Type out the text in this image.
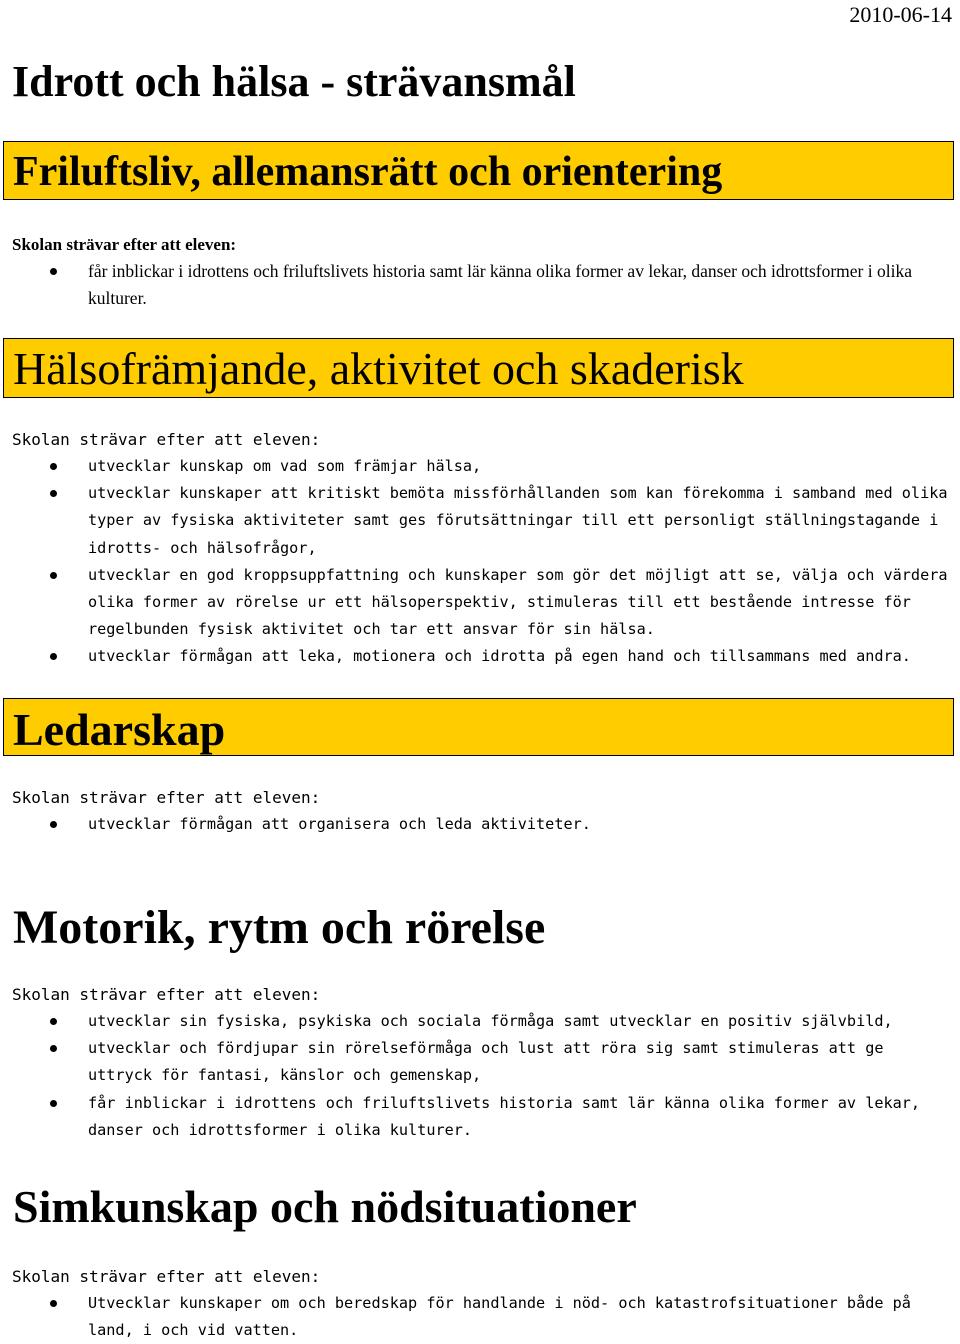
2010-06-14
Idrott och hälsa - strävansmål
Friluftsliv, allemansrätt och orientering

Skolan strävar efter att eleven:

får inblickar i idrottens och friluftslivets historia samt lär känna olika former av lekar, danser och idrottsformer i olika kulturer.
Hälsofrämjande, aktivitet och skaderisk

Skolan strävar efter att eleven:

utvecklar kunskap om vad som främjar hälsa,
utvecklar kunskaper att kritiskt bemöta missförhållanden som kan förekomma i samband med olika typer av fysiska aktiviteter samt ges förutsättningar till ett personligt ställningstagande i idrotts- och hälsofrågor,
utvecklar en god kroppsuppfattning och kunskaper som gör det möjligt att se, välja och värdera olika former av rörelse ur ett hälsoperspektiv, stimuleras till ett bestående intresse för regelbunden fysisk aktivitet och tar ett ansvar för sin hälsa.
utvecklar förmågan att leka, motionera och idrotta på egen hand och tillsammans med andra.
Ledarskap

Skolan strävar efter att eleven:

utvecklar förmågan att organisera och leda aktiviteter.
Motorik, rytm och rörelse

Skolan strävar efter att eleven:

utvecklar sin fysiska, psykiska och sociala förmåga samt utvecklar en positiv självbild,
utvecklar och fördjupar sin rörelseförmåga och lust att röra sig samt stimuleras att ge uttryck för fantasi, känslor och gemenskap,
får inblickar i idrottens och friluftslivets historia samt lär känna olika former av lekar, danser och idrottsformer i olika kulturer.
Simkunskap och nödsituationer

Skolan strävar efter att eleven:

Utvecklar kunskaper om och beredskap för handlande i nöd- och katastrofsituationer både på land, i och vid vatten.
